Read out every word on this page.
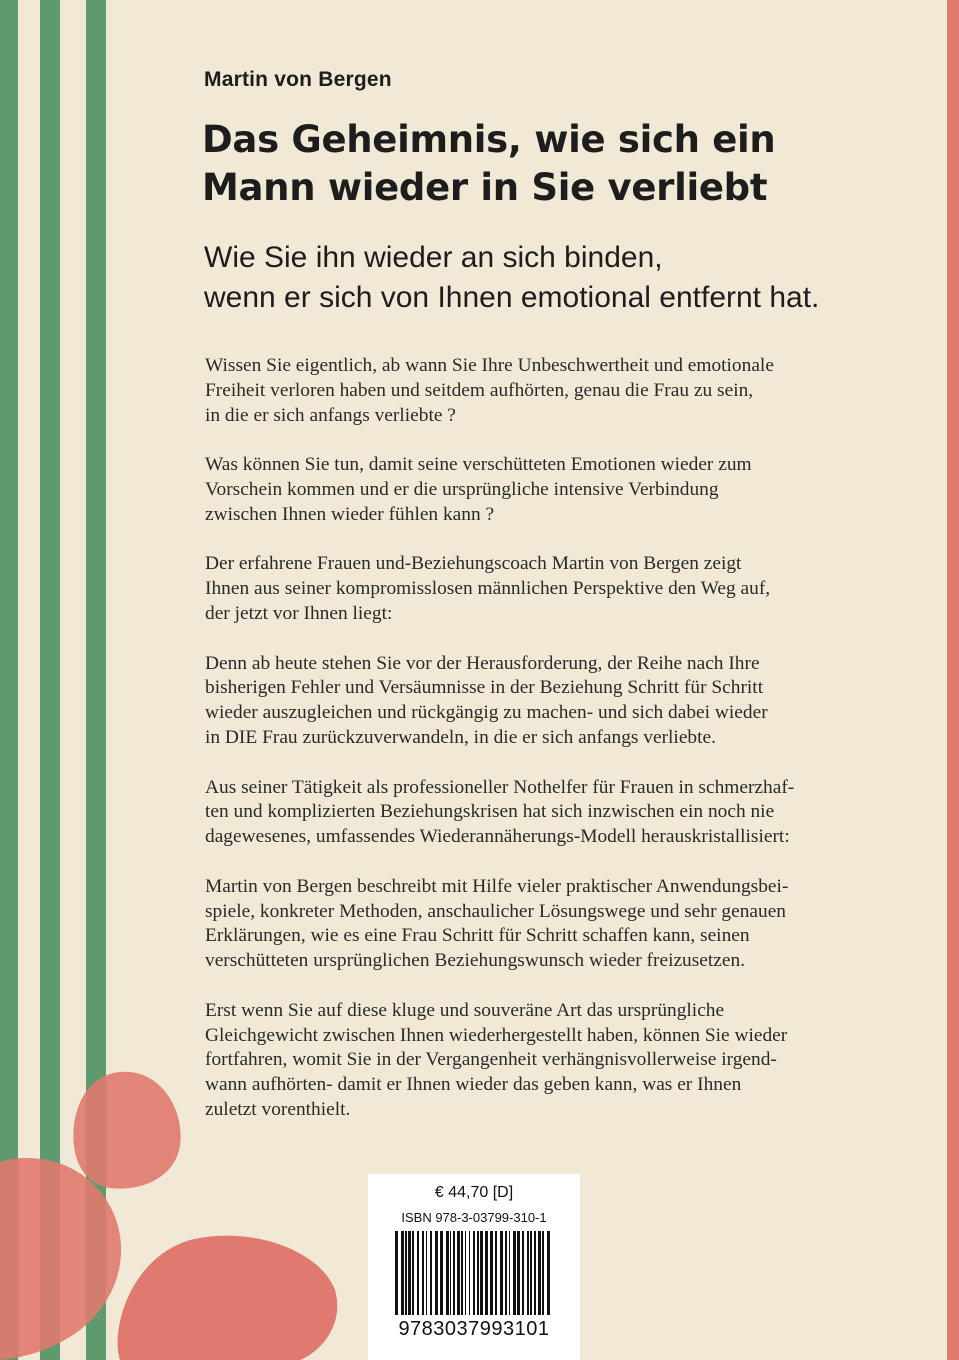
Martin von Bergen
Das Geheimnis, wie sich ein
Mann wieder in Sie verliebt
Wie Sie ihn wieder an sich binden,
wenn er sich von Ihnen emotional entfernt hat.

Wissen Sie eigentlich, ab wann Sie Ihre Unbeschwertheit und emotionale
Freiheit verloren haben und seitdem aufhörten, genau die Frau zu sein,
in die er sich anfangs verliebte ?

Was können Sie tun, damit seine verschütteten Emotionen wieder zum
Vorschein kommen und er die ursprüngliche intensive Verbindung
zwischen Ihnen wieder fühlen kann ?

Der erfahrene Frauen und-Beziehungscoach Martin von Bergen zeigt
Ihnen aus seiner kompromisslosen männlichen Perspektive den Weg auf,
der jetzt vor Ihnen liegt:

Denn ab heute stehen Sie vor der Herausforderung, der Reihe nach Ihre
bisherigen Fehler und Versäumnisse in der Beziehung Schritt für Schritt
wieder auszugleichen und rückgängig zu machen- und sich dabei wieder
in DIE Frau zurückzuverwandeln, in die er sich anfangs verliebte.

Aus seiner Tätigkeit als professioneller Nothelfer für Frauen in schmerzhaf-
ten und komplizierten Beziehungskrisen hat sich inzwischen ein noch nie
dagewesenes, umfassendes Wiederannäherungs-Modell herauskristallisiert:

Martin von Bergen beschreibt mit Hilfe vieler praktischer Anwendungsbei-
spiele, konkreter Methoden, anschaulicher Lösungswege und sehr genauen
Erklärungen, wie es eine Frau Schritt für Schritt schaffen kann, seinen
verschütteten ursprünglichen Beziehungswunsch wieder freizusetzen.

Erst wenn Sie auf diese kluge und souveräne Art das ursprüngliche
Gleichgewicht zwischen Ihnen wiederhergestellt haben, können Sie wieder
fortfahren, womit Sie in der Vergangenheit verhängnisvollerweise irgend-
wann aufhörten- damit er Ihnen wieder das geben kann, was er Ihnen
zuletzt vorenthielt.

€ 44,70 [D]
ISBN 978-3-03799-310-1
9783037993101
